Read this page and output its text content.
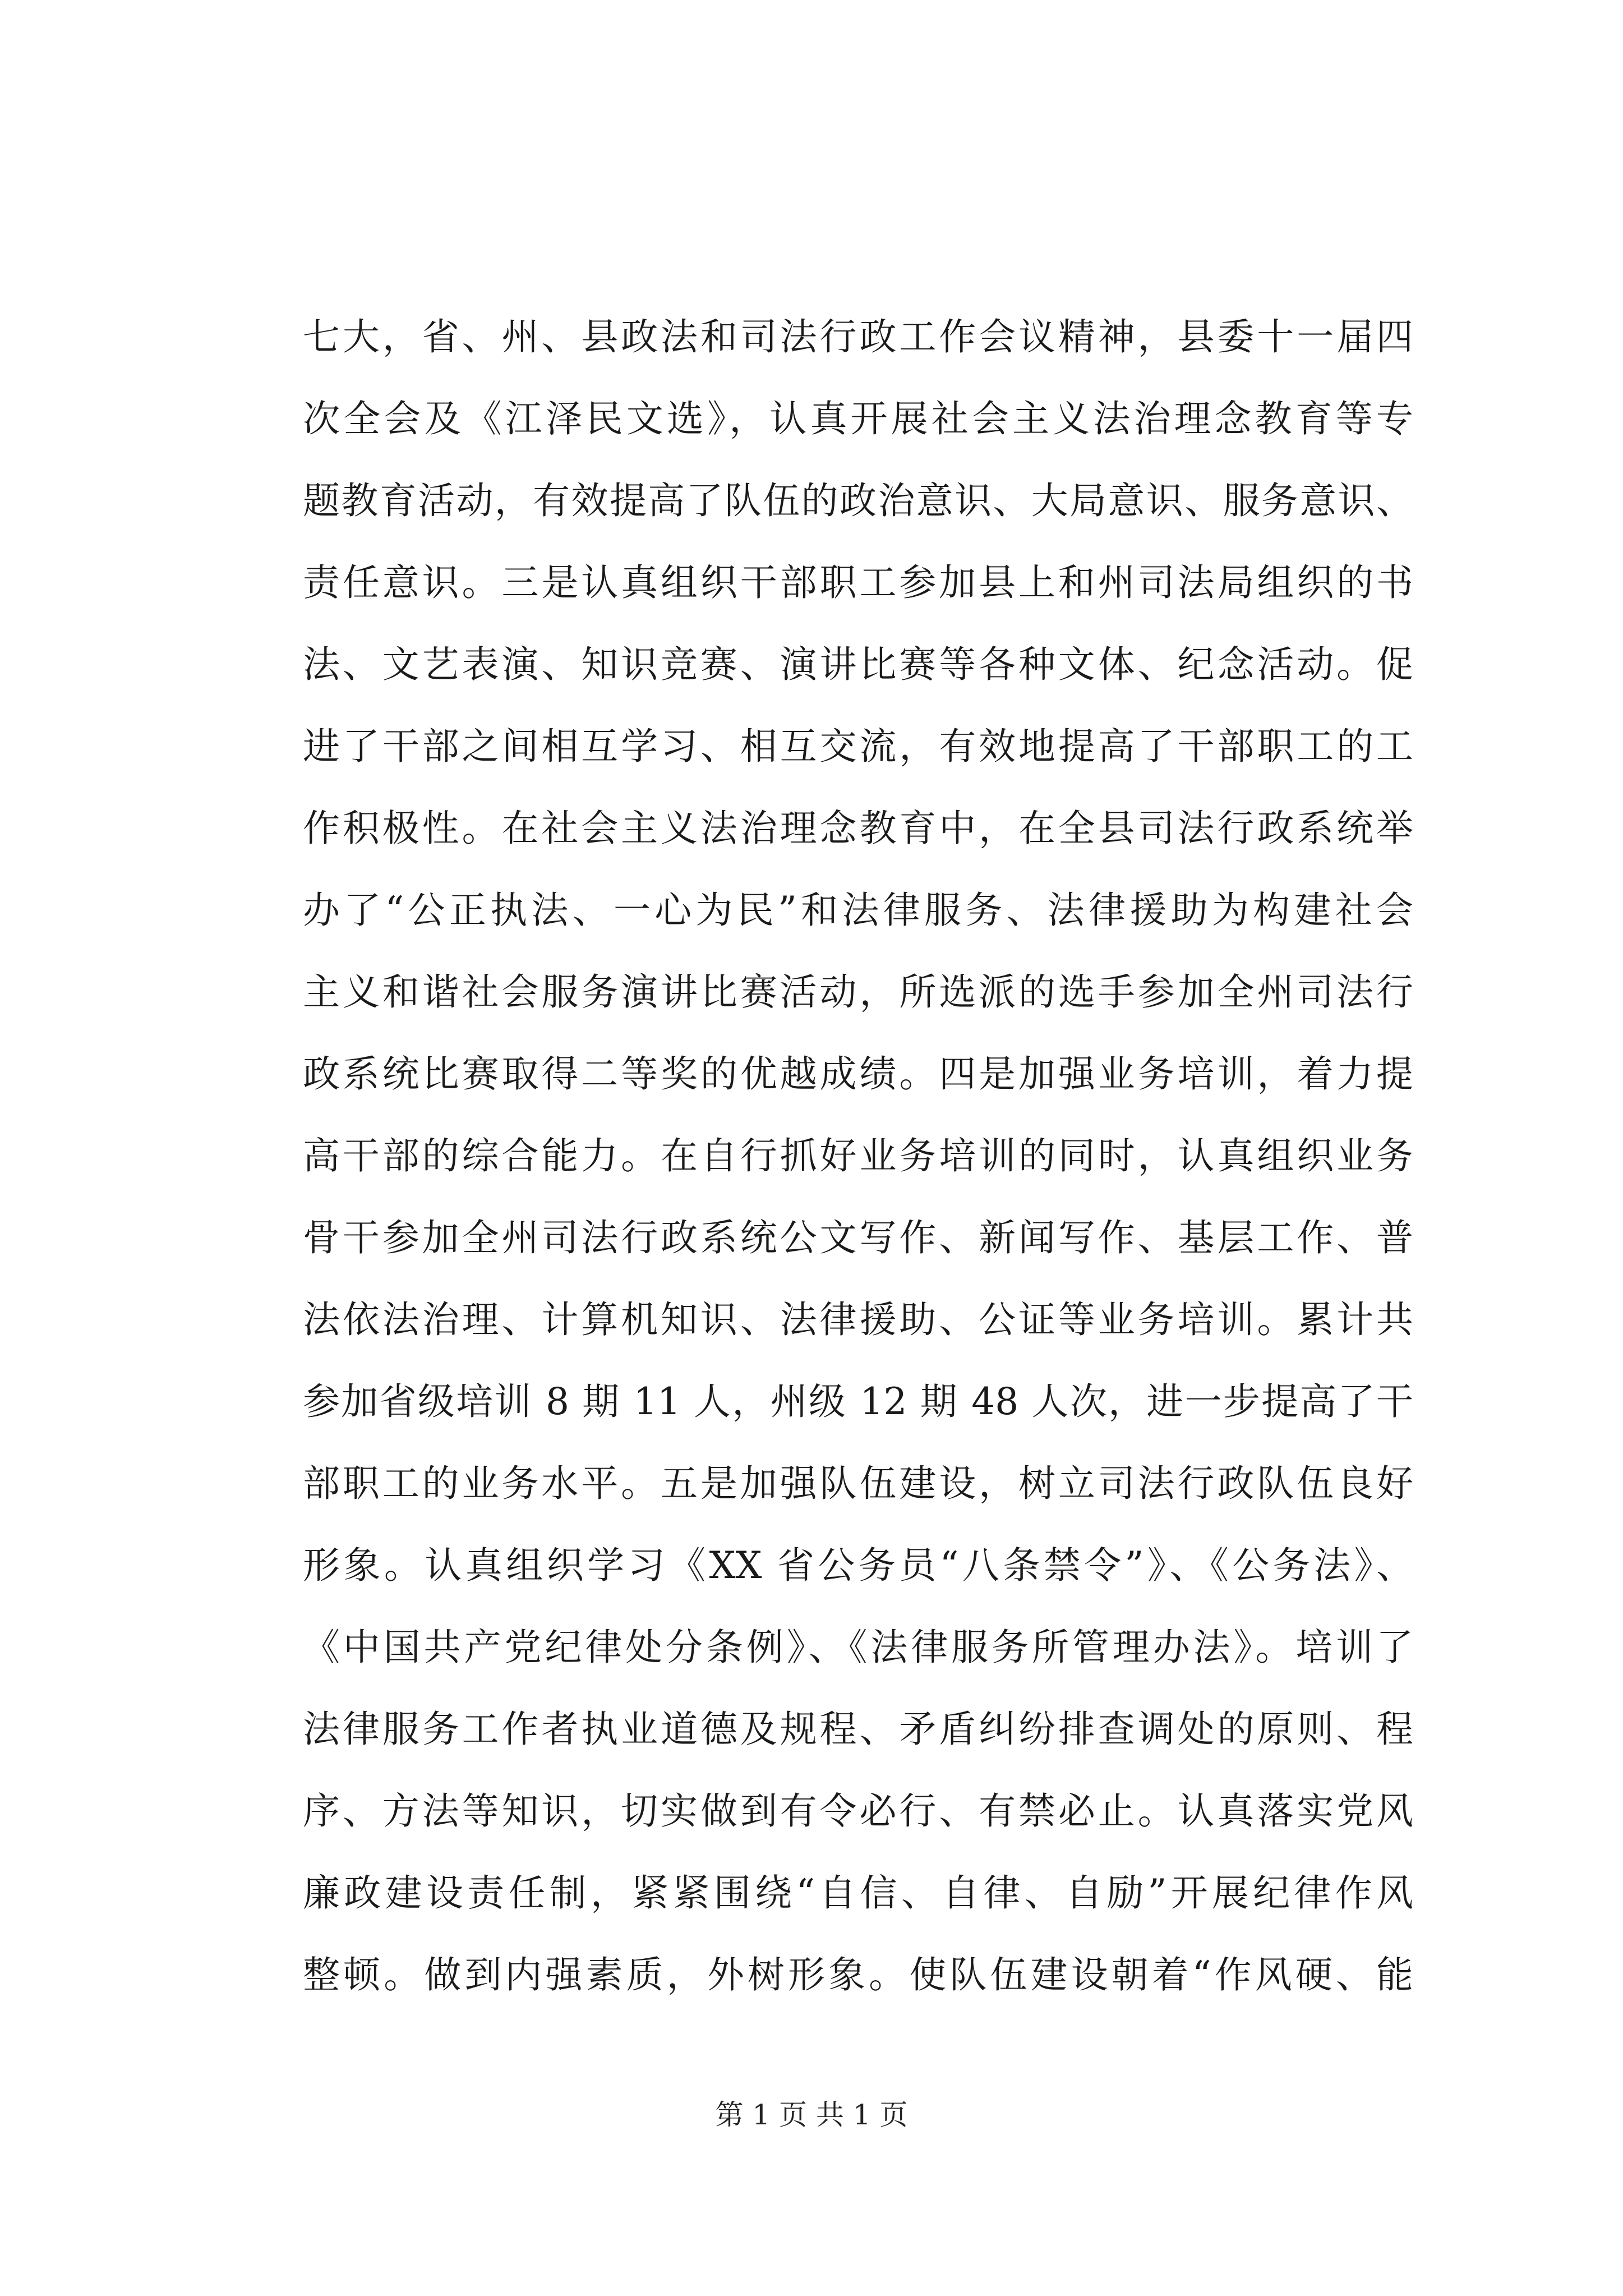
七大，省、州、县政法和司法行政工作会议精神，县委十一届四
次全会及《江泽民文选》，认真开展社会主义法治理念教育等专
题教育活动，有效提高了队伍的政治意识、大局意识、服务意识、
责任意识。三是认真组织干部职工参加县上和州司法局组织的书
法、文艺表演、知识竞赛、演讲比赛等各种文体、纪念活动。促
进了干部之间相互学习、相互交流，有效地提高了干部职工的工
作积极性。在社会主义法治理念教育中，在全县司法行政系统举
办了“公正执法、一心为民”和法律服务、法律援助为构建社会
主义和谐社会服务演讲比赛活动，所选派的选手参加全州司法行
政系统比赛取得二等奖的优越成绩。四是加强业务培训，着力提
高干部的综合能力。在自行抓好业务培训的同时，认真组织业务
骨干参加全州司法行政系统公文写作、新闻写作、基层工作、普
法依法治理、计算机知识、法律援助、公证等业务培训。累计共
参加省级培训 8 期 11 人，州级 12 期 48 人次，进一步提高了干
部职工的业务水平。五是加强队伍建设，树立司法行政队伍良好
形象。认真组织学习《XX 省公务员“八条禁令”》、《公务法》、
《中国共产党纪律处分条例》、《法律服务所管理办法》。培训了
法律服务工作者执业道德及规程、矛盾纠纷排查调处的原则、程
序、方法等知识，切实做到有令必行、有禁必止。认真落实党风
廉政建设责任制，紧紧围绕“自信、自律、自励”开展纪律作风
整顿。做到内强素质，外树形象。使队伍建设朝着“作风硬、能
第 1 页 共 1 页
